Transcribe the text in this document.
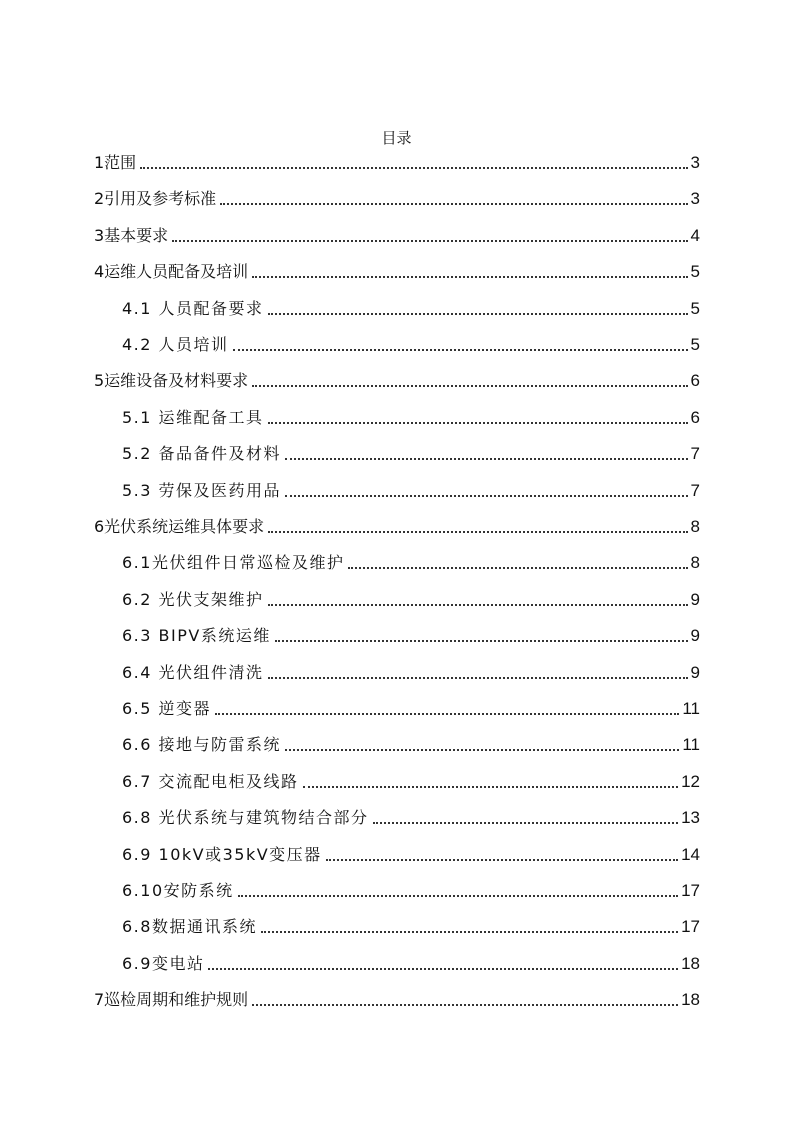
目录
1范围	3
2引用及参考标准	3
3基本要求	4
4运维人员配备及培训	5
4.1 人员配备要求	5
4.2 人员培训	5
5运维设备及材料要求	6
5.1 运维配备工具	6
5.2 备品备件及材料	7
5.3 劳保及医药用品	7
6光伏系统运维具体要求	8
6.1光伏组件日常巡检及维护	8
6.2 光伏支架维护	9
6.3 BIPV系统运维	9
6.4 光伏组件清洗	9
6.5 逆变器	11
6.6 接地与防雷系统	11
6.7 交流配电柜及线路	12
6.8 光伏系统与建筑物结合部分	13
6.9 10kV或35kV变压器	14
6.10安防系统	17
6.8数据通讯系统	17
6.9变电站	18
7巡检周期和维护规则	18
